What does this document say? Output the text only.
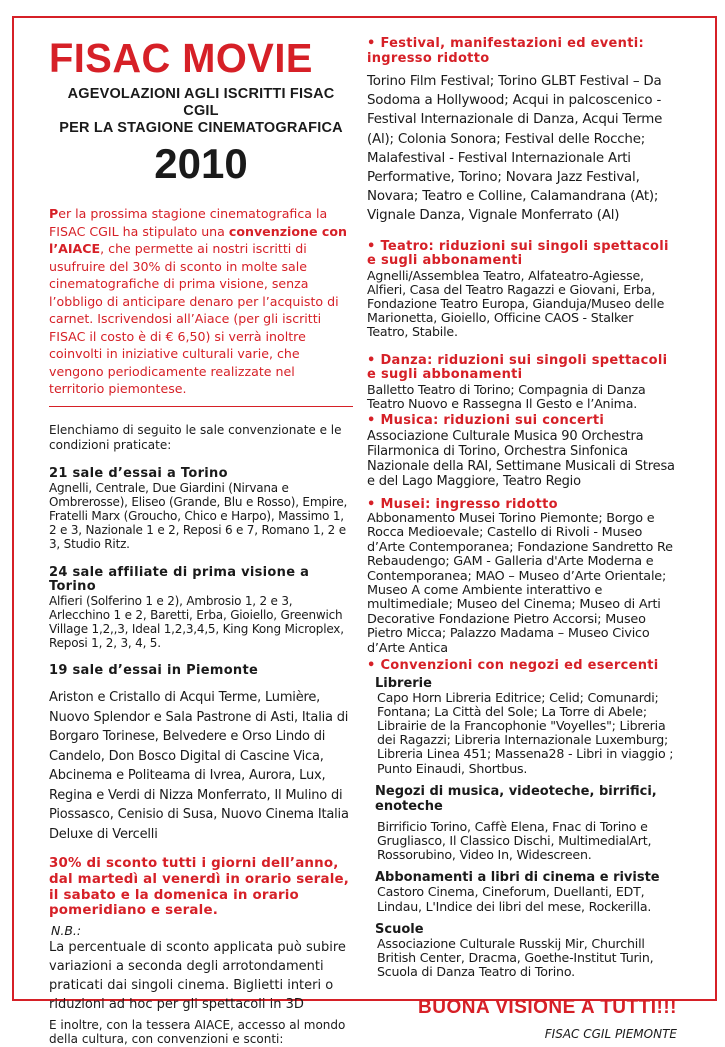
FISAC MOVIE
AGEVOLAZIONI AGLI ISCRITTI FISAC CGIL
PER LA STAGIONE CINEMATOGRAFICA
2010

Per la prossima stagione cinematografica la FISAC CGIL ha stipulato una convenzione con l’AIACE, che permette ai nostri iscritti di usufruire del 30% di sconto in molte sale cinematografiche di prima visione, senza l’obbligo di anticipare denaro per l’acquisto di carnet. Iscrivendosi all’Aiace (per gli iscritti FISAC il costo è di € 6,50) si verrà inoltre coinvolti in iniziative culturali varie, che vengono periodicamente realizzate nel territorio piemontese.

Elenchiamo di seguito le sale convenzionate e le condizioni praticate:

21 sale d’essai a Torino

Agnelli, Centrale, Due Giardini (Nirvana e Ombrerosse), Eliseo (Grande, Blu e Rosso), Empire, Fratelli Marx (Groucho, Chico e Harpo), Massimo 1, 2 e 3, Nazionale 1 e 2, Reposi 6 e 7, Romano 1, 2 e 3, Studio Ritz.

24 sale affiliate di prima visione a Torino

Alfieri (Solferino 1 e 2), Ambrosio 1, 2 e 3, Arlecchino 1 e 2, Baretti, Erba, Gioiello, Greenwich Village 1,2,,3, Ideal 1,2,3,4,5, King Kong Microplex, Reposi 1, 2, 3, 4, 5.

19 sale d’essai in Piemonte

Ariston e Cristallo di Acqui Terme, Lumière, Nuovo Splendor e Sala Pastrone di Asti, Italia di Borgaro Torinese, Belvedere e Orso Lindo di Candelo, Don Bosco Digital di Cascine Vica, Abcinema e Politeama di Ivrea, Aurora, Lux, Regina e Verdi di Nizza Monferrato, Il Mulino di Piossasco, Cenisio di Susa, Nuovo Cinema Italia Deluxe di Vercelli

30% di sconto tutti i giorni dell’anno, dal martedì al venerdì in orario serale, il sabato e la domenica in orario pomeridiano e serale.

N.B.:

La percentuale di sconto applicata può subire variazioni a seconda degli arrotondamenti praticati dai singoli cinema. Biglietti interi o riduzioni ad hoc per gli spettacoli in 3D

E inoltre, con la tessera AIACE, accesso al mondo della cultura, con convenzioni e sconti:

• Festival, manifestazioni ed eventi: ingresso ridotto

Torino Film Festival; Torino GLBT Festival – Da Sodoma a Hollywood; Acqui in palcoscenico - Festival Internazionale di Danza, Acqui Terme (Al); Colonia Sonora; Festival delle Rocche; Malafestival - Festival Internazionale Arti Performative, Torino; Novara Jazz Festival, Novara; Teatro e Colline, Calamandrana (At); Vignale Danza, Vignale Monferrato (Al)

• Teatro: riduzioni sui singoli spettacoli e sugli abbonamenti

Agnelli/Assemblea Teatro, Alfateatro-Agiesse, Alfieri, Casa del Teatro Ragazzi e Giovani, Erba, Fondazione Teatro Europa, Gianduja/Museo delle Marionetta, Gioiello, Officine CAOS - Stalker Teatro, Stabile.

• Danza: riduzioni sui singoli spettacoli e sugli abbonamenti

Balletto Teatro di Torino; Compagnia di Danza Teatro Nuovo e Rassegna Il Gesto e l’Anima.

• Musica: riduzioni sui concerti

Associazione Culturale Musica 90 Orchestra Filarmonica di Torino, Orchestra Sinfonica Nazionale della RAI, Settimane Musicali di Stresa e del Lago Maggiore, Teatro Regio

• Musei: ingresso ridotto

Abbonamento Musei Torino Piemonte; Borgo e Rocca Medioevale; Castello di Rivoli - Museo d’Arte Contemporanea; Fondazione Sandretto Re Rebaudengo; GAM - Galleria d'Arte Moderna e Contemporanea; MAO – Museo d’Arte Orientale; Museo A come Ambiente interattivo e multimediale; Museo del Cinema; Museo di Arti Decorative Fondazione Pietro Accorsi; Museo Pietro Micca; Palazzo Madama – Museo Civico d’Arte Antica

• Convenzioni con negozi ed esercenti
Librerie

Capo Horn Libreria Editrice; Celid; Comunardi; Fontana; La Città del Sole; La Torre di Abele; Librairie de la Francophonie "Voyelles"; Libreria dei Ragazzi; Libreria Internazionale Luxemburg; Libreria Linea 451; Massena28 - Libri in viaggio ; Punto Einaudi, Shortbus.

Negozi di musica, videoteche, birrifici, enoteche

Birrificio Torino, Caffè Elena, Fnac di Torino e Grugliasco, Il Classico Dischi, MultimedialArt, Rossorubino, Video In, Widescreen.

Abbonamenti a libri di cinema e riviste

Castoro Cinema, Cineforum, Duellanti, EDT, Lindau, L'Indice dei libri del mese, Rockerilla.

Scuole

Associazione Culturale Russkij Mir, Churchill British Center, Dracma, Goethe-Institut Turin, Scuola di Danza Teatro di Torino.

BUONA VISIONE A TUTTI!!!
FISAC CGIL PIEMONTE
